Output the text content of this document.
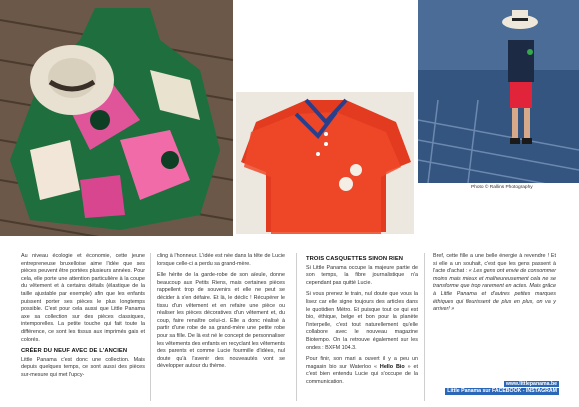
Photo © Rallins Photography

Au niveau écologie et économie, cette jeune entrepreneuse bruxelloise aime l'idée que ses pièces peuvent être portées plusieurs années. Pour cela, elle porte une attention particulière à la coupe du vêtement et à certains détails (élastique de la taille ajustable par exemple) afin que les enfants puissent porter ses pièces le plus longtemps possible. C'est pour cela aussi que Little Panama axe sa collection sur des pièces classiques, intemporelles. La petite touche qui fait toute la différence, ce sont les tissus aux imprimés gais et colorés.

CRÉER DU NEUF AVEC DE L'ANCIEN

Little Panama c'est donc une collection. Mais depuis quelques temps, ce sont aussi des pièces sur-mesure qui met l'upcy-

cling à l'honneur. L'idée est née dans la tête de Lucie lorsque celle-ci a perdu sa grand-mère.

Elle hérite de la garde-robe de son aïeule, donne beaucoup aux Petits Riens, mais certaines pièces rappellent trop de souvenirs et elle ne peut se décider à s'en défaire. Et là, le déclic ! Récupérer le tissu d'un vêtement et en refaire une pièce ou réaliser les pièces décoratives d'un vêtement et, du coup, faire renaître celui-ci. Elle a donc réalisé à partir d'une robe de sa grand-mère une petite robe pour sa fille. De là est né le concept de personnaliser les vêtements des enfants en recyclant les vêtements des parents et comme Lucie fourmille d'idées, nul doute qu'à l'avenir des nouveautés vont se développer autour du thème.

TROIS CASQUETTES SINON RIEN

Si Little Panama occupe la majeure partie de son temps, la fibre journalistique n'a cependant pas quitté Lucie.

Si vous prenez le train, nul doute que vous la lisez car elle signe toujours des articles dans le quotidien Métro. Et puisque tout ce qui est bio, éthique, belge et bon pour la planète l'interpelle, c'est tout naturellement qu'elle collabore avec le nouveau magazine Biotempo. On la retrouve également sur les ondes : BXFM 104.3.

Pour finir, son mari a ouvert il y a peu un magasin bio sur Waterloo « Hello Bio » et c'est bien entendu Lucie qui s'occupe de la communication.

Bref, cette fille a une belle énergie à revendre ! Et si elle a un souhait, c'est que les gens passent à l'acte d'achat : « Les gens ont envie de consommer moins mais mieux et malheureusement cela ne se transforme que trop rarement en actes. Mais grâce à Little Panama et d'autres petites marques éthiques qui fleurissent de plus en plus, on va y arriver! »

www.littlepanama.be Little Panama sur FACEBOOK - INSTAGRAM
